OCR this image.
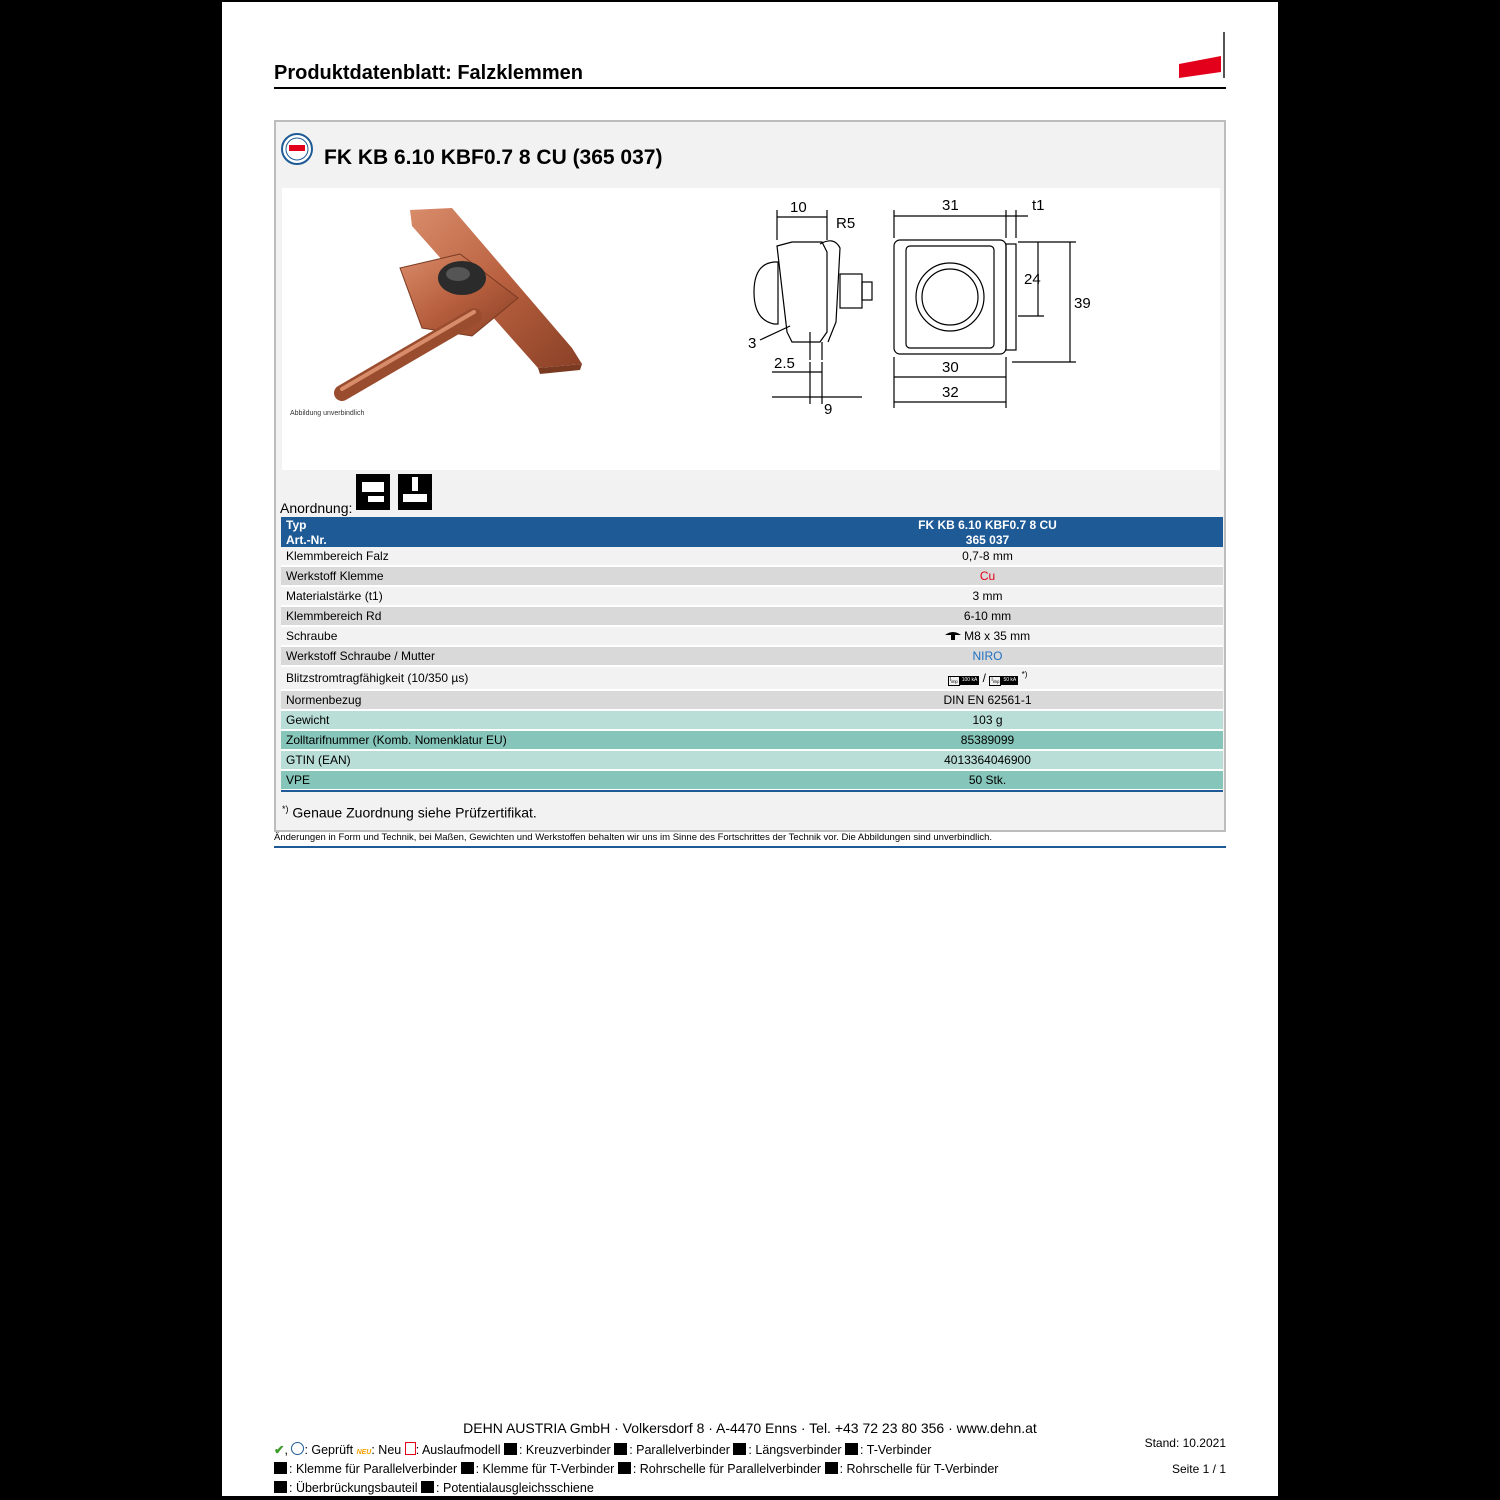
Produktdatenblatt: Falzklemmen
FK KB 6.10 KBF0.7 8 CU (365 037)
Abbildung unverbindlich
10
R5
31	t1
24
39
3
2.5
9
30
32
Anordnung:
Typ	FK KB 6.10 KBF0.7 8 CU
Art.-Nr.	365 037
Klemmbereich Falz	0,7-8 mm
Werkstoff Klemme	Cu
Materialstärke (t1)	3 mm
Klemmbereich Rd	6-10 mm
Schraube	M8 x 35 mm
Werkstoff Schraube / Mutter	NIRO
Blitzstromtragfähigkeit (10/350 µs)	$I_{imp}$ 100 kA / $I_{imp}$ 50 kA *)
Normenbezug	DIN EN 62561-1
Gewicht	103 g
Zolltarifnummer (Komb. Nomenklatur EU)	85389099
GTIN (EAN)	4013364046900
VPE	50 Stk.
*) Genaue Zuordnung siehe Prüfzertifikat.
Änderungen in Form und Technik, bei Maßen, Gewichten und Werkstoffen behalten wir uns im Sinne des Fortschrittes der Technik vor. Die Abbildungen sind unverbindlich.
DEHN AUSTRIA GmbH · Volkersdorf 8 · A-4470 Enns · Tel. +43 72 23 80 356 · www.dehn.at
✔, : Geprüft NEU: Neu : Auslaufmodell : Kreuzverbinder : Parallelverbinder : Längsverbinder : T-Verbinder
: Klemme für Parallelverbinder : Klemme für T-Verbinder : Rohrschelle für Parallelverbinder : Rohrschelle für T-Verbinder
: Überbrückungsbauteil : Potentialausgleichsschiene
Stand: 10.2021
Seite 1 / 1
